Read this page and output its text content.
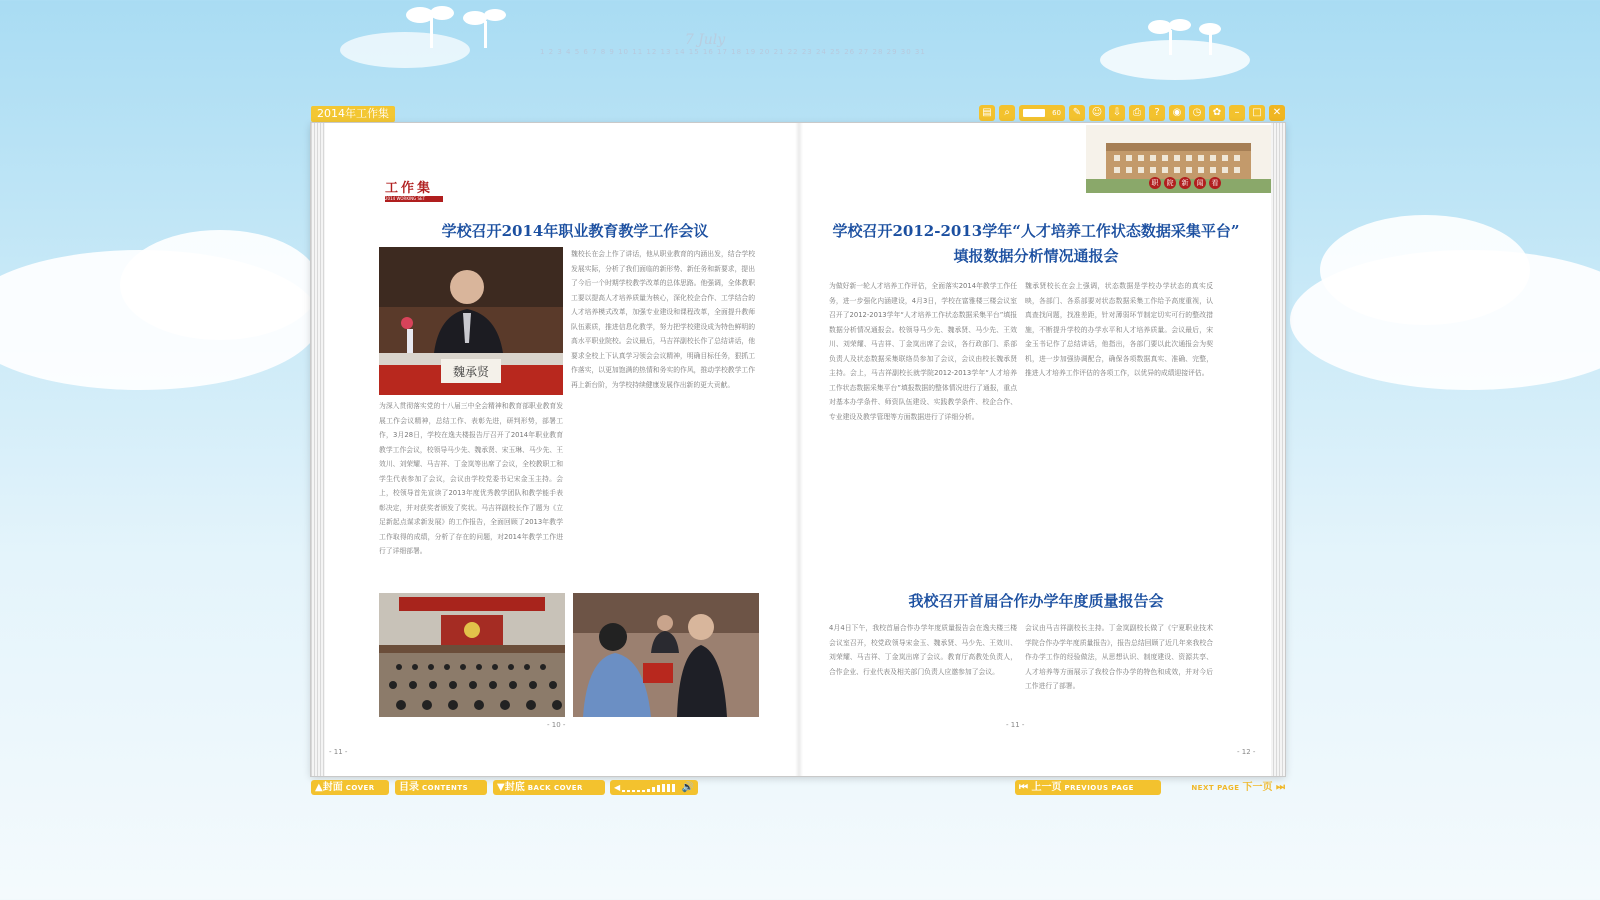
7 July
1 2 3 4 5 6 7 8 9 10 11 12 13 14 15 16 17 18 19 20 21 22 23 24 25 26 27 28 29 30 31
2014年工作集	▤	⌕	60	✎	☺	⇩	⎙	?	◉	◷	✿	–	□	✕
工作集
2014 WORKING SET
学校召开2014年职业教育教学工作会议
魏承贤
为深入贯彻落实党的十八届三中全会精神和教育部职业教育发展工作会议精神，总结工作、表彰先进，研判形势，部署工作，3月28日，学校在逸夫楼报告厅召开了2014年职业教育教学工作会议，校领导马少先、魏承贤、宋玉琳、马少先、王效川、刘荣耀、马吉祥、丁金岚等出席了会议，全校教职工和学生代表参加了会议，会议由学校党委书记宋金玉主持。会上，校领导首先宣读了2013年度优秀教学团队和教学能手表彰决定，并对获奖者颁发了奖状。马吉祥副校长作了题为《立足新起点谋求新发展》的工作报告，全面回顾了2013年教学工作取得的成绩，分析了存在的问题，对2014年教学工作进行了详细部署。
魏校长在会上作了讲话，他从职业教育的内涵出发，结合学校发展实际，分析了我们面临的新形势、新任务和新要求，提出了今后一个时期学校教学改革的总体思路。他强调，全体教职工要以提高人才培养质量为核心，深化校企合作、工学结合的人才培养模式改革，加强专业建设和课程改革，全面提升教师队伍素质，推进信息化教学，努力把学校建设成为特色鲜明的高水平职业院校。会议最后，马吉祥副校长作了总结讲话，他要求全校上下认真学习领会会议精神，明确目标任务，狠抓工作落实，以更加饱满的热情和务实的作风，推动学校教学工作再上新台阶，为学校持续健康发展作出新的更大贡献。
- 10 -
- 11 -
职	院	新	闻	看
学校召开2012-2013学年“人才培养工作状态数据采集平台”
填报数据分析情况通报会
为做好新一轮人才培养工作评估，全面落实2014年教学工作任务，进一步强化内涵建设，4月3日，学校在富雅楼三楼会议室召开了2012-2013学年“人才培养工作状态数据采集平台”填报数据分析情况通报会。校领导马少先、魏承贤、马少先、王效川、刘荣耀、马吉祥、丁金岚出席了会议，各行政部门、系部负责人及状态数据采集联络员参加了会议，会议由校长魏承贤主持。会上，马吉祥副校长就学院2012-2013学年“人才培养工作状态数据采集平台”填报数据的整体情况进行了通报，重点对基本办学条件、师资队伍建设、实践教学条件、校企合作、专业建设及教学管理等方面数据进行了详细分析。
魏承贤校长在会上强调，状态数据是学校办学状态的真实反映，各部门、各系部要对状态数据采集工作给予高度重视，认真查找问题，找准差距，针对薄弱环节制定切实可行的整改措施，不断提升学校的办学水平和人才培养质量。会议最后，宋金玉书记作了总结讲话，他指出，各部门要以此次通报会为契机，进一步加强协调配合，确保各项数据真实、准确、完整，推进人才培养工作评估的各项工作，以优异的成绩迎接评估。
我校召开首届合作办学年度质量报告会
4月4日下午，我校首届合作办学年度质量报告会在逸夫楼三楼会议室召开，校党政领导宋金玉、魏承贤、马少先、王效川、刘荣耀、马吉祥、丁金岚出席了会议。教育厅高教处负责人，合作企业、行业代表及相关部门负责人应邀参加了会议。
会议由马吉祥副校长主持。丁金岚副校长做了《宁夏职业技术学院合作办学年度质量报告》，报告总结回顾了近几年来我校合作办学工作的经验做法，从思想认识、制度建设、资源共享、人才培养等方面展示了我校合作办学的特色和成效，并对今后工作进行了部署。
- 11 -
- 12 -
▲封面 COVER	目录 CONTENTS	▼封底 BACK COVER	◀	🔊	⏮ 上一页 PREVIOUS PAGE	NEXT PAGE 下一页 ⏭
